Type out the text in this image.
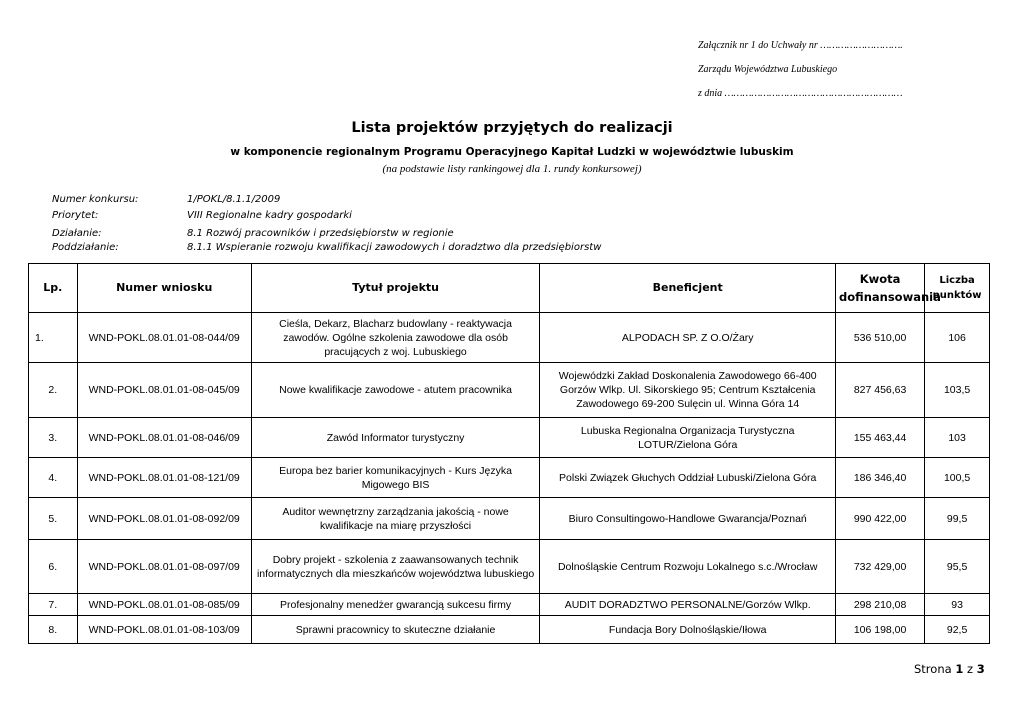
Załącznik nr 1 do Uchwały nr ……………………….
Zarządu Województwa Lubuskiego
z dnia ……………………………………………………
Lista projektów przyjętych do realizacji
w komponencie regionalnym Programu Operacyjnego Kapitał Ludzki w województwie lubuskim
(na podstawie listy rankingowej dla 1. rundy konkursowej)
Numer konkursu:	1/POKL/8.1.1/2009
Priorytet:	VIII Regionalne kadry gospodarki
Działanie:	8.1 Rozwój pracowników i przedsiębiorstw w regionie
Poddziałanie:	8.1.1 Wspieranie rozwoju kwalifikacji zawodowych i doradztwo dla przedsiębiorstw
Lp.	Numer wniosku	Tytuł projektu	Beneficjent	Kwota dofinansowania	Liczba punktów
1.	WND-POKL.08.01.01-08-044/09	Cieśla, Dekarz, Blacharz budowlany - reaktywacja zawodów. Ogólne szkolenia zawodowe dla osób pracujących z woj. Lubuskiego	ALPODACH SP. Z O.O/Żary	536 510,00	106
2.	WND-POKL.08.01.01-08-045/09	Nowe kwalifikacje zawodowe - atutem pracownika	Wojewódzki Zakład Doskonalenia Zawodowego 66-400 Gorzów Wlkp. Ul. Sikorskiego 95; Centrum Kształcenia Zawodowego 69-200 Sulęcin ul. Winna Góra 14	827 456,63	103,5
3.	WND-POKL.08.01.01-08-046/09	Zawód Informator turystyczny	Lubuska Regionalna Organizacja Turystyczna LOTUR/Zielona Góra	155 463,44	103
4.	WND-POKL.08.01.01-08-121/09	Europa bez barier komunikacyjnych - Kurs Języka Migowego BIS	Polski Związek Głuchych Oddział Lubuski/Zielona Góra	186 346,40	100,5
5.	WND-POKL.08.01.01-08-092/09	Auditor wewnętrzny zarządzania jakością - nowe kwalifikacje na miarę przyszłości	Biuro Consultingowo-Handlowe Gwarancja/Poznań	990 422,00	99,5
6.	WND-POKL.08.01.01-08-097/09	Dobry projekt - szkolenia z zaawansowanych technik informatycznych dla mieszkańców województwa lubuskiego	Dolnośląskie Centrum Rozwoju Lokalnego s.c./Wrocław	732 429,00	95,5
7.	WND-POKL.08.01.01-08-085/09	Profesjonalny menedżer gwarancją sukcesu firmy	AUDIT DORADZTWO PERSONALNE/Gorzów Wlkp.	298 210,08	93
8.	WND-POKL.08.01.01-08-103/09	Sprawni pracownicy to skuteczne działanie	Fundacja Bory Dolnośląskie/Iłowa	106 198,00	92,5
Strona 1 z 3
